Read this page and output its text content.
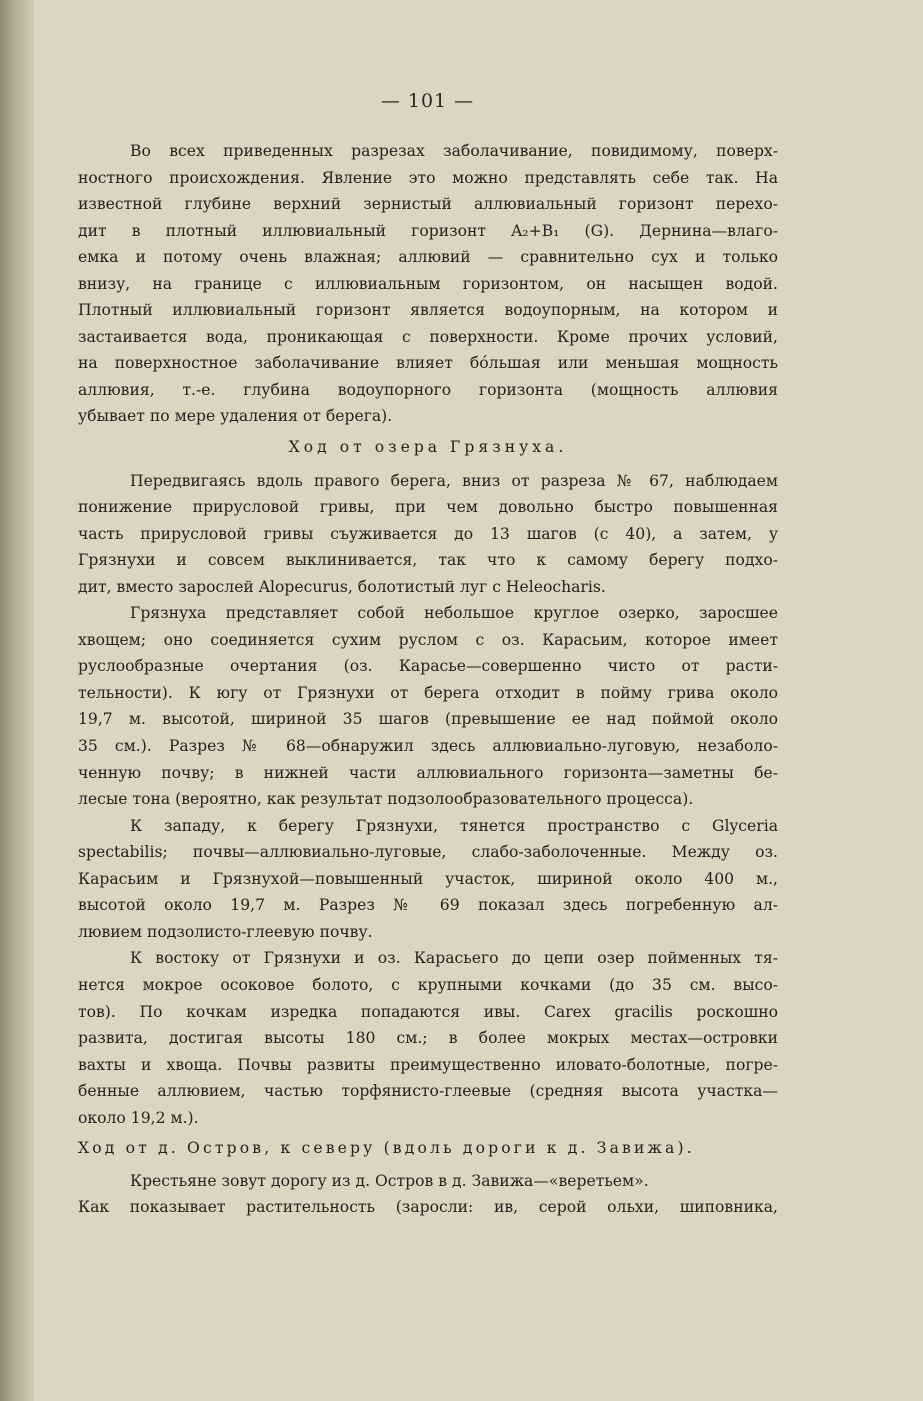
— 101 —

Во всех приведенных разрезах заболачивание, повидимому, поверх-
ностного происхождения. Явление это можно представлять себе так. На
известной глубине верхний зернистый аллювиальный горизонт перехо-
дит в плотный иллювиальный горизонт A₂+B₁ (G). Дернина—влаго-
емка и потому очень влажная; аллювий — сравнительно сух и только
внизу, на границе с иллювиальным горизонтом, он насыщен водой.
Плотный иллювиальный горизонт является водоупорным, на котором и
застаивается вода, проникающая с поверхности. Кроме прочих условий,
на поверхностное заболачивание влияет бо́льшая или меньшая мощность
аллювия, т.-е. глубина водоупорного горизонта (мощность аллювия
убывает по мере удаления от берега).

Ход от озера Грязнуха.

Передвигаясь вдоль правого берега, вниз от разреза № 67, наблюдаем
понижение прирусловой гривы, при чем довольно быстро повышенная
часть прирусловой гривы съуживается до 13 шагов (с 40), а затем, у
Грязнухи и совсем выклинивается, так что к самому берегу подхо-
дит, вместо зарослей Alopecurus, болотистый луг с Heleocharis.

Грязнуха представляет собой небольшое круглое озерко, заросшее
хвощем; оно соединяется сухим руслом с оз. Карасьим, которое имеет
руслообразные очертания (оз. Карасье—совершенно чисто от расти-
тельности). К югу от Грязнухи от берега отходит в пойму грива около
19,7 м. высотой, шириной 35 шагов (превышение ее над поймой около
35 см.). Разрез № 68—обнаружил здесь аллювиально-луговую, незаболо-
ченную почву; в нижней части аллювиального горизонта—заметны бе-
лесые тона (вероятно, как результат подзолообразовательного процесса).

К западу, к берегу Грязнухи, тянется пространство с Glyceria
spectabilis; почвы—аллювиально-луговые, слабо-заболоченные. Между оз.
Карасьим и Грязнухой—повышенный участок, шириной около 400 м.,
высотой около 19,7 м. Разрез № 69 показал здесь погребенную ал-
лювием подзолисто-глеевую почву.

К востоку от Грязнухи и оз. Карасьего до цепи озер пойменных тя-
нется мокрое осоковое болото, с крупными кочками (до 35 см. высо-
тов). По кочкам изредка попадаются ивы. Carex gracilis роскошно
развита, достигая высоты 180 см.; в более мокрых местах—островки
вахты и хвоща. Почвы развиты преимущественно иловато-болотные, погре-
бенные аллювием, частью торфянисто-глеевые (средняя высота участка—
около 19,2 м.).

Ход от д. Остров, к северу (вдоль дороги к д. Завижа).

Крестьяне зовут дорогу из д. Остров в д. Завижа—«веретьем».
Как показывает растительность (заросли: ив, серой ольхи, шиповника,
